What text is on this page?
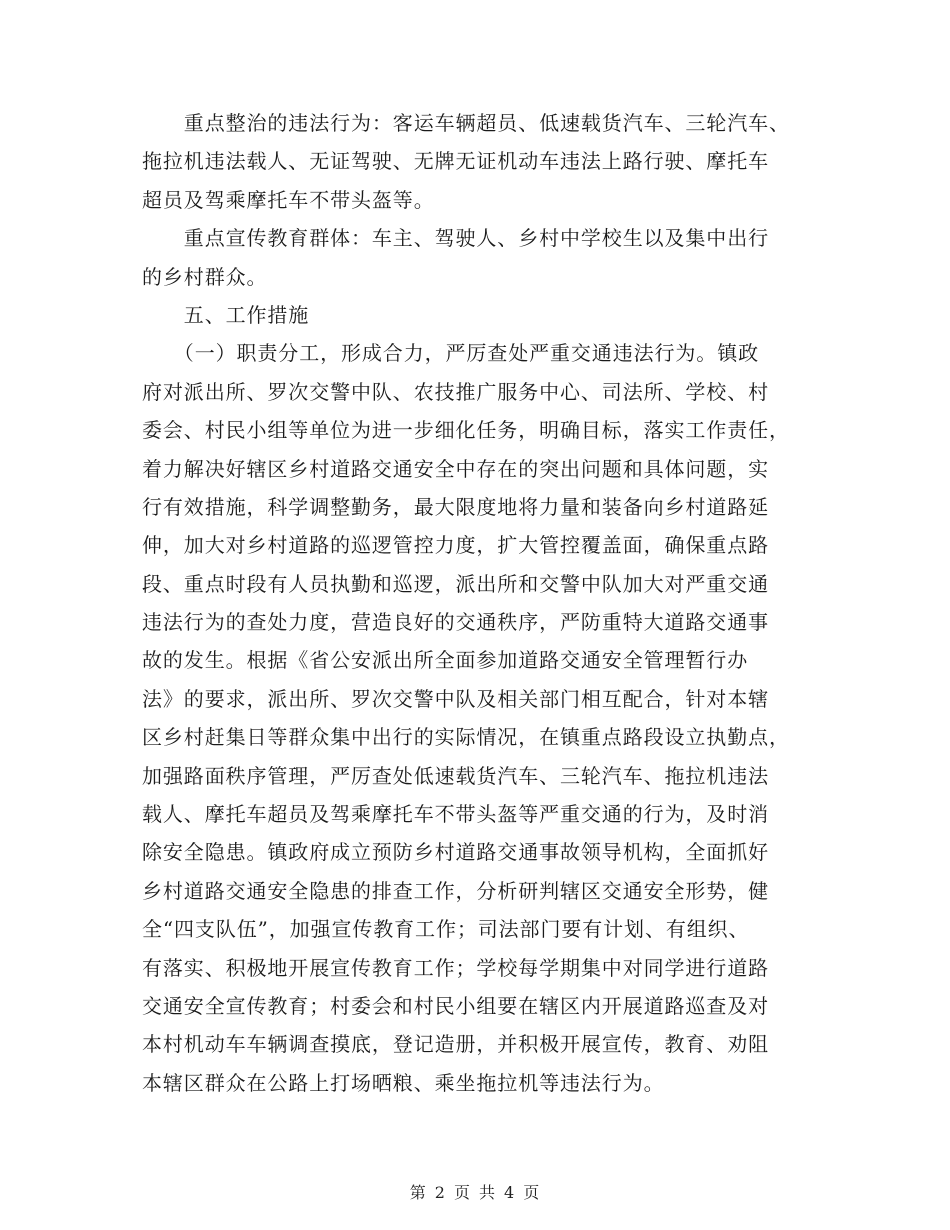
　　重点整治的违法行为：客运车辆超员、低速载货汽车、三轮汽车、
拖拉机违法载人、无证驾驶、无牌无证机动车违法上路行驶、摩托车
超员及驾乘摩托车不带头盔等。
　　重点宣传教育群体：车主、驾驶人、乡村中学校生以及集中出行
的乡村群众。
　　五、工作措施
　　（一）职责分工，形成合力，严厉查处严重交通违法行为。镇政
府对派出所、罗次交警中队、农技推广服务中心、司法所、学校、村
委会、村民小组等单位为进一步细化任务，明确目标，落实工作责任，
着力解决好辖区乡村道路交通安全中存在的突出问题和具体问题，实
行有效措施，科学调整勤务，最大限度地将力量和装备向乡村道路延
伸，加大对乡村道路的巡逻管控力度，扩大管控覆盖面，确保重点路
段、重点时段有人员执勤和巡逻，派出所和交警中队加大对严重交通
违法行为的查处力度，营造良好的交通秩序，严防重特大道路交通事
故的发生。根据《省公安派出所全面参加道路交通安全管理暂行办
法》的要求，派出所、罗次交警中队及相关部门相互配合，针对本辖
区乡村赶集日等群众集中出行的实际情况，在镇重点路段设立执勤点，
加强路面秩序管理，严厉查处低速载货汽车、三轮汽车、拖拉机违法
载人、摩托车超员及驾乘摩托车不带头盔等严重交通的行为，及时消
除安全隐患。镇政府成立预防乡村道路交通事故领导机构，全面抓好
乡村道路交通安全隐患的排查工作，分析研判辖区交通安全形势，健
全“四支队伍”，加强宣传教育工作；司法部门要有计划、有组织、
有落实、积极地开展宣传教育工作；学校每学期集中对同学进行道路
交通安全宣传教育；村委会和村民小组要在辖区内开展道路巡查及对
本村机动车车辆调查摸底，登记造册，并积极开展宣传，教育、劝阻
本辖区群众在公路上打场晒粮、乘坐拖拉机等违法行为。
第 2 页 共 4 页
